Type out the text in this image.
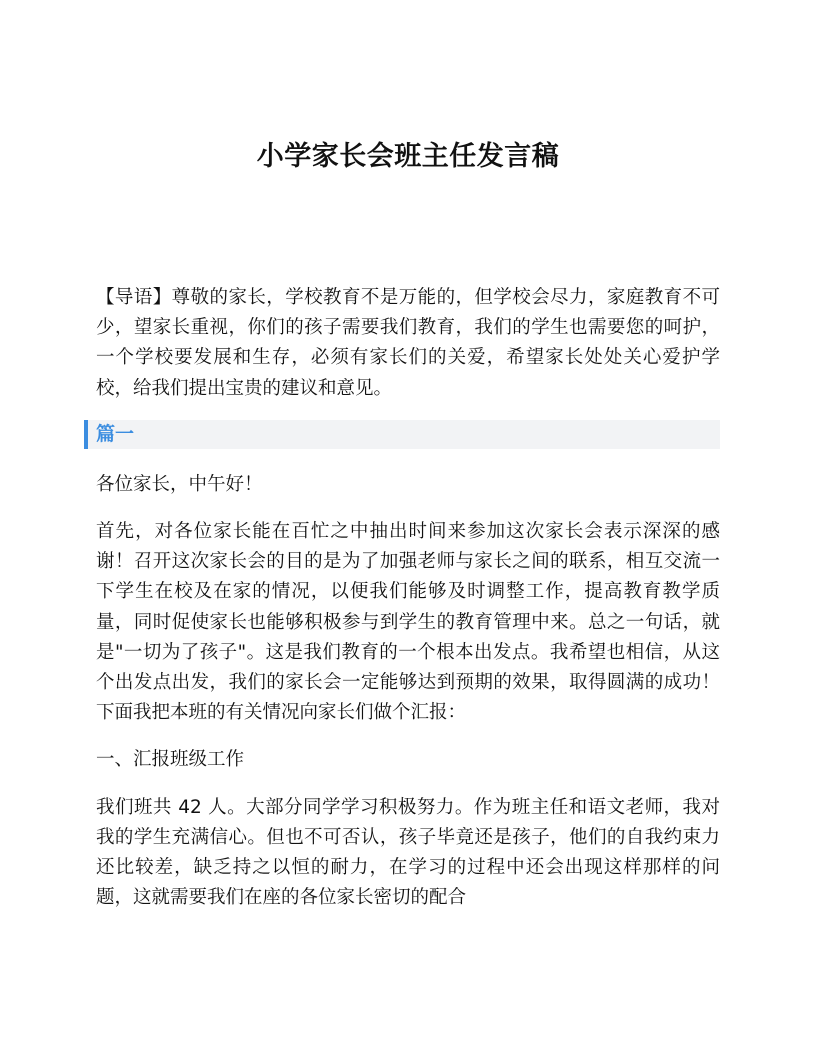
小学家长会班主任发言稿

【导语】尊敬的家长，学校教育不是万能的，但学校会尽力，家庭教育不可少，望家长重视，你们的孩子需要我们教育，我们的学生也需要您的呵护，一个学校要发展和生存，必须有家长们的关爱，希望家长处处关心爱护学校，给我们提出宝贵的建议和意见。

篇一

各位家长，中午好！

首先，对各位家长能在百忙之中抽出时间来参加这次家长会表示深深的感谢！召开这次家长会的目的是为了加强老师与家长之间的联系，相互交流一下学生在校及在家的情况，以便我们能够及时调整工作，提高教育教学质量，同时促使家长也能够积极参与到学生的教育管理中来。总之一句话，就是"一切为了孩子"。这是我们教育的一个根本出发点。我希望也相信，从这个出发点出发，我们的家长会一定能够达到预期的效果，取得圆满的成功！下面我把本班的有关情况向家长们做个汇报：

一、汇报班级工作

我们班共 42 人。大部分同学学习积极努力。作为班主任和语文老师，我对我的学生充满信心。但也不可否认，孩子毕竟还是孩子，他们的自我约束力还比较差，缺乏持之以恒的耐力，在学习的过程中还会出现这样那样的问题，这就需要我们在座的各位家长密切的配合
